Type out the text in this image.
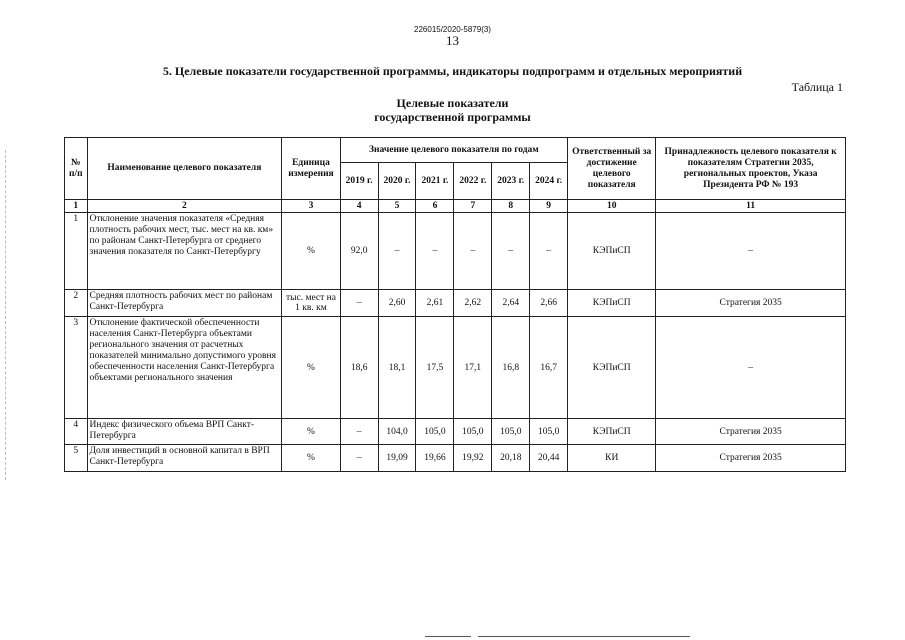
226015/2020-5879(3)
13
5. Целевые показатели государственной программы, индикаторы подпрограмм и отдельных мероприятий
Таблица 1
Целевые показатели
государственной программы
№ п/п	Наименование целевого показателя	Единица измерения	Значение целевого показателя по годам						Ответственный за достижение целевого показателя	Принадлежность целевого показателя к показателям Стратегии 2035, региональных проектов, Указа Президента РФ № 193
			2019 г.	2020 г.	2021 г.	2022 г.	2023 г.	2024 г.		
1	2	3	4	5	6	7	8	9	10	11
1	Отклонение значения показателя «Средняя плотность рабочих мест, тыс. мест на кв. км» по районам Санкт-Петербурга от среднего значения показателя по Санкт-Петербургу	%	92,0	–	–	–	–	–	КЭПиСП	–
2	Средняя плотность рабочих мест по районам Санкт-Петербурга	тыс. мест на 1 кв. км	–	2,60	2,61	2,62	2,64	2,66	КЭПиСП	Стратегия 2035
3	Отклонение фактической обеспеченности населения Санкт-Петербурга объектами регионального значения от расчетных показателей минимально допустимого уровня обеспеченности населения Санкт-Петербурга объектами регионального значения	%	18,6	18,1	17,5	17,1	16,8	16,7	КЭПиСП	–
4	Индекс физического объема ВРП Санкт-Петербурга	%	–	104,0	105,0	105,0	105,0	105,0	КЭПиСП	Стратегия 2035
5	Доля инвестиций в основной капитал в ВРП Санкт-Петербурга	%	–	19,09	19,66	19,92	20,18	20,44	КИ	Стратегия 2035
